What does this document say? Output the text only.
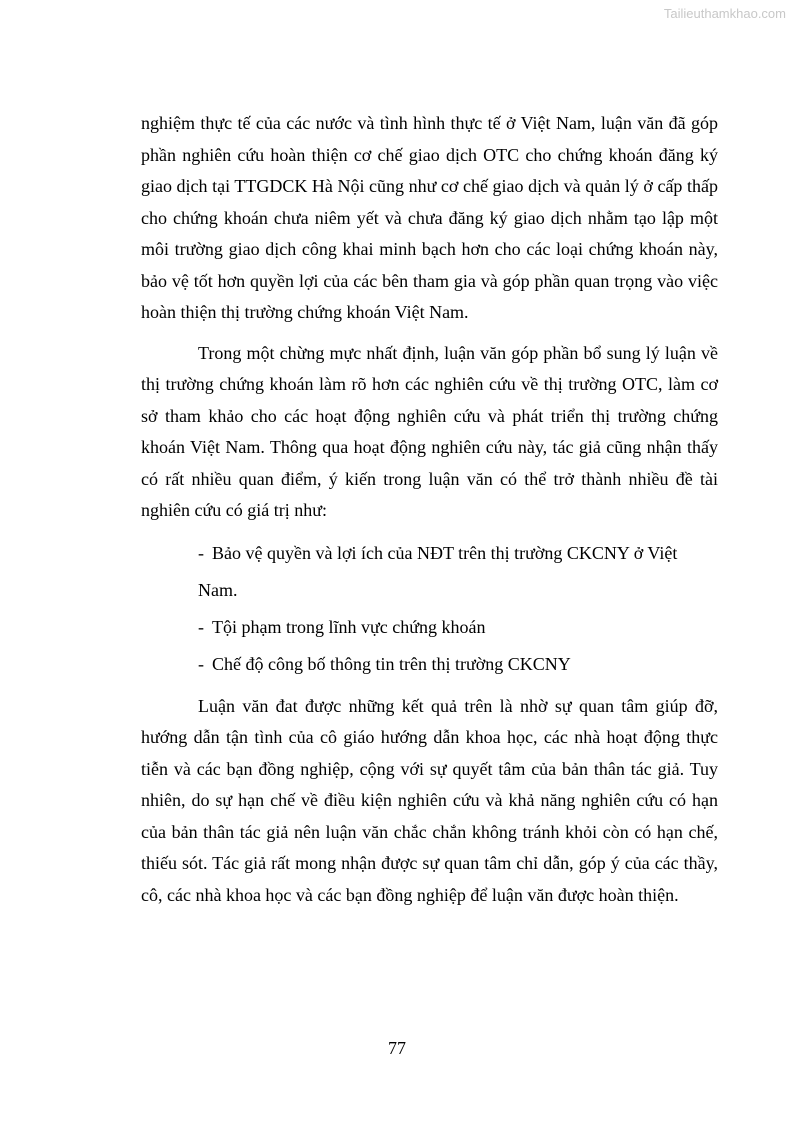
Tailieuthamkhao.com

nghiệm thực tế của các nước và tình hình thực tế ở Việt Nam, luận văn đã góp phần nghiên cứu hoàn thiện cơ chế giao dịch OTC cho chứng khoán đăng ký giao dịch tại TTGDCK Hà Nội cũng như cơ chế giao dịch và quản lý ở cấp thấp cho chứng khoán chưa niêm yết và chưa đăng ký giao dịch nhằm tạo lập một môi trường giao dịch công khai minh bạch hơn cho các loại chứng khoán này, bảo vệ tốt hơn quyền lợi của các bên tham gia và góp phần quan trọng vào việc hoàn thiện thị trường chứng khoán Việt Nam.

Trong một chừng mực nhất định, luận văn góp phần bổ sung lý luận về thị trường chứng khoán làm rõ hơn các nghiên cứu về thị trường OTC, làm cơ sở tham khảo cho các hoạt động nghiên cứu và phát triển thị trường chứng khoán Việt Nam. Thông qua hoạt động nghiên cứu này, tác giả cũng nhận thấy có rất nhiều quan điểm, ý kiến trong luận văn có thể trở thành nhiều đề tài nghiên cứu có giá trị như:

- Bảo vệ quyền và lợi ích của NĐT trên thị trường CKCNY ở Việt Nam.
- Tội phạm trong lĩnh vực chứng khoán
- Chế độ công bố thông tin trên thị trường CKCNY

Luận văn đat được những kết quả trên là nhờ sự quan tâm giúp đỡ, hướng dẫn tận tình của cô giáo hướng dẫn khoa học, các nhà hoạt động thực tiễn và các bạn đồng nghiệp, cộng với sự quyết tâm của bản thân tác giả. Tuy nhiên, do sự hạn chế về điều kiện nghiên cứu và khả năng nghiên cứu có hạn của bản thân tác giả nên luận văn chắc chắn không tránh khỏi còn có hạn chế, thiếu sót. Tác giả rất mong nhận được sự quan tâm chỉ dẫn, góp ý của các thầy, cô, các nhà khoa học và các bạn đồng nghiệp để luận văn được hoàn thiện.

77
